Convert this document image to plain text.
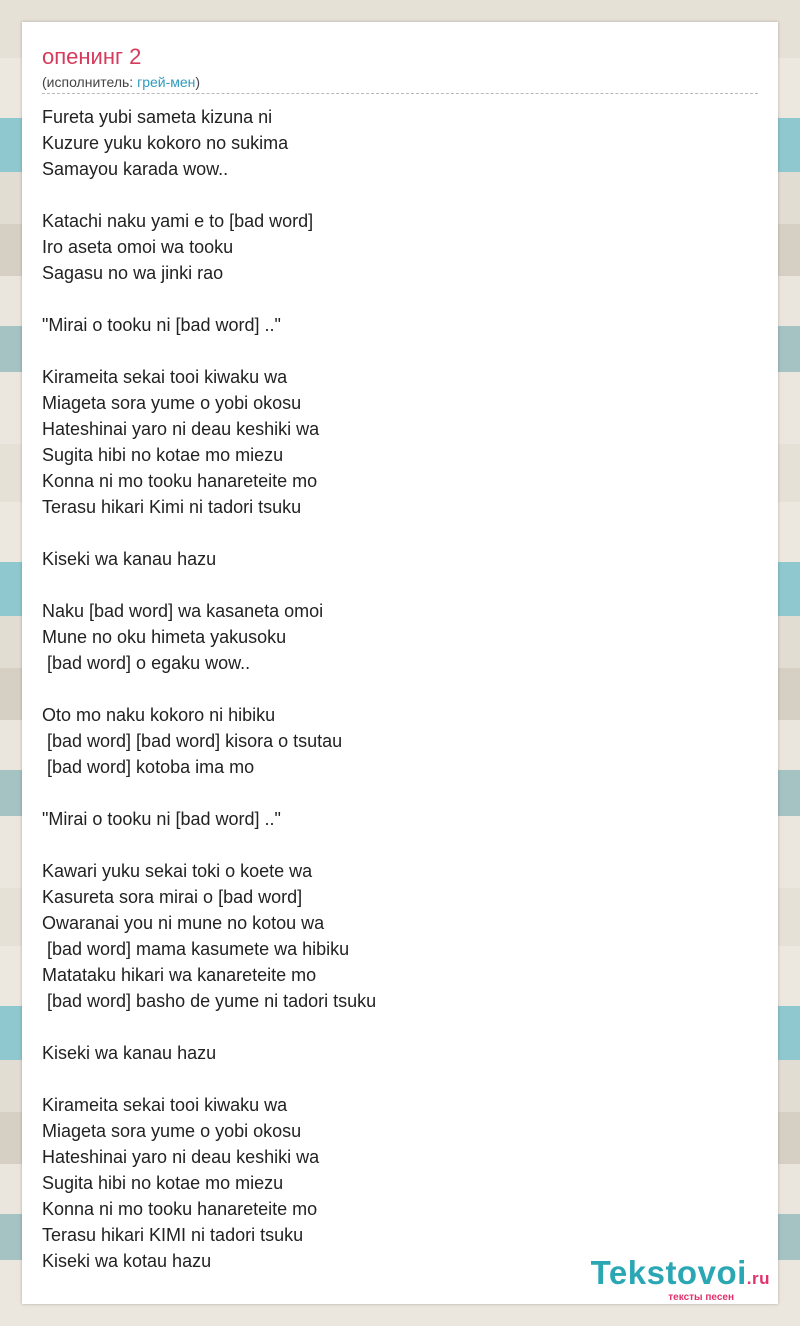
опенинг 2
(исполнитель: грей-мен)
Fureta yubi sameta kizuna ni
Kuzure yuku kokoro no sukima
Samayou karada wow..
Katachi naku yami e to [bad word]
Iro aseta omoi wa tooku
Sagasu no wa jinki rao
"Mirai o tooku ni [bad word] .."
Kirameita sekai tooi kiwaku wa
Miageta sora yume o yobi okosu
Hateshinai yaro ni deau keshiki wa
Sugita hibi no kotae mo miezu
Konna ni mo tooku hanareteite mo
Terasu hikari Kimi ni tadori tsuku
Kiseki wa kanau hazu
Naku [bad word] wa kasaneta omoi
Mune no oku himeta yakusoku
[bad word] o egaku wow..
Oto mo naku kokoro ni hibiku
[bad word] [bad word] kisora o tsutau
[bad word] kotoba ima mo
"Mirai o tooku ni [bad word] .."
Kawari yuku sekai toki o koete wa
Kasureta sora mirai o [bad word]
Owaranai you ni mune no kotou wa
[bad word] mama kasumete wa hibiku
Matataku hikari wa kanareteite mo
[bad word] basho de yume ni tadori tsuku
Kiseki wa kanau hazu
Kirameita sekai tooi kiwaku wa
Miageta sora yume o yobi okosu
Hateshinai yaro ni deau keshiki wa
Sugita hibi no kotae mo miezu
Konna ni mo tooku hanareteite mo
Terasu hikari KIMI ni tadori tsuku
Kiseki wa kotau hazu	Tekstovoi.ru
тексты песен
